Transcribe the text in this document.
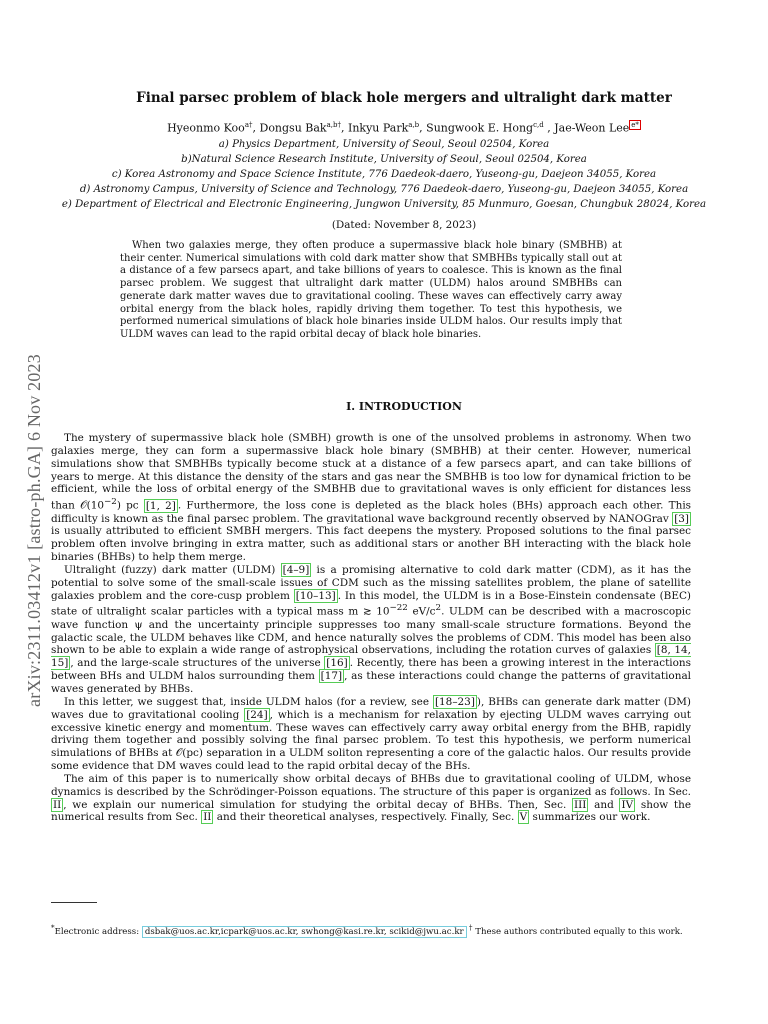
arXiv:2311.03412v1 [astro-ph.GA] 6 Nov 2023
Final parsec problem of black hole mergers and ultralight dark matter
Hyeonmo Koo$^{a\dagger}$, Dongsu Bak$^{a,b\dagger}$, Inkyu Park$^{a,b}$, Sungwook E. Hong$^{c,d}$ , Jae-Weon Lee $^{e*}$
a) Physics Department, University of Seoul, Seoul 02504, Korea
b)Natural Science Research Institute, University of Seoul, Seoul 02504, Korea
c) Korea Astronomy and Space Science Institute, 776 Daedeok-daero, Yuseong-gu, Daejeon 34055, Korea
d) Astronomy Campus, University of Science and Technology, 776 Daedeok-daero, Yuseong-gu, Daejeon 34055, Korea
e) Department of Electrical and Electronic Engineering, Jungwon University, 85 Munmuro, Goesan, Chungbuk 28024, Korea
(Dated: November 8, 2023)
When two galaxies merge, they often produce a supermassive black hole binary (SMBHB) at their center. Numerical simulations with cold dark matter show that SMBHBs typically stall out at a distance of a few parsecs apart, and take billions of years to coalesce. This is known as the final parsec problem. We suggest that ultralight dark matter (ULDM) halos around SMBHBs can generate dark matter waves due to gravitational cooling. These waves can effectively carry away orbital energy from the black holes, rapidly driving them together. To test this hypothesis, we performed numerical simulations of black hole binaries inside ULDM halos. Our results imply that ULDM waves can lead to the rapid orbital decay of black hole binaries.
I. INTRODUCTION

The mystery of supermassive black hole (SMBH) growth is one of the unsolved problems in astronomy. When two galaxies merge, they can form a supermassive black hole binary (SMBHB) at their center. However, numerical simulations show that SMBHBs typically become stuck at a distance of a few parsecs apart, and can take billions of years to merge. At this distance the density of the stars and gas near the SMBHB is too low for dynamical friction to be efficient, while the loss of orbital energy of the SMBHB due to gravitational waves is only efficient for distances less than $𝒪(10^{-2})$ pc [1, 2] . Furthermore, the loss cone is depleted as the black holes (BHs) approach each other. This difficulty is known as the final parsec problem. The gravitational wave background recently observed by NANOGrav [3] is usually attributed to efficient SMBH mergers. This fact deepens the mystery. Proposed solutions to the final parsec problem often involve bringing in extra matter, such as additional stars or another BH interacting with the black hole binaries (BHBs) to help them merge.

Ultralight (fuzzy) dark matter (ULDM) [4–9] is a promising alternative to cold dark matter (CDM), as it has the potential to solve some of the small-scale issues of CDM such as the missing satellites problem, the plane of satellite galaxies problem and the core-cusp problem [10–13] . In this model, the ULDM is in a Bose-Einstein condensate (BEC) state of ultralight scalar particles with a typical mass m ≳ $10^{-22}$ $eV/c^2$. ULDM can be described with a macroscopic wave function ψ and the uncertainty principle suppresses too many small-scale structure formations. Beyond the galactic scale, the ULDM behaves like CDM, and hence naturally solves the problems of CDM. This model has been also shown to be able to explain a wide range of astrophysical observations, including the rotation curves of galaxies [8, 14, 15] , and the large-scale structures of the universe [16] . Recently, there has been a growing interest in the interactions between BHs and ULDM halos surrounding them [17] , as these interactions could change the patterns of gravitational waves generated by BHBs.

In this letter, we suggest that, inside ULDM halos (for a review, see [18–23] ), BHBs can generate dark matter (DM) waves due to gravitational cooling [24] , which is a mechanism for relaxation by ejecting ULDM waves carrying out excessive kinetic energy and momentum. These waves can effectively carry away orbital energy from the BHB, rapidly driving them together and possibly solving the final parsec problem. To test this hypothesis, we perform numerical simulations of BHBs at 𝒪(pc) separation in a ULDM soliton representing a core of the galactic halos. Our results provide some evidence that DM waves could lead to the rapid orbital decay of the BHs.

The aim of this paper is to numerically show orbital decays of BHBs due to gravitational cooling of ULDM, whose dynamics is described by the Schrödinger-Poisson equations. The structure of this paper is organized as follows. In Sec. II , we explain our numerical simulation for studying the orbital decay of BHBs. Then, Sec. III and IV show the numerical results from Sec. II and their theoretical analyses, respectively. Finally, Sec. V summarizes our work.

*Electronic address: dsbak@uos.ac.kr,icpark@uos.ac.kr, swhong@kasi.re.kr, scikid@jwu.ac.kr † These authors contributed equally to this work.
